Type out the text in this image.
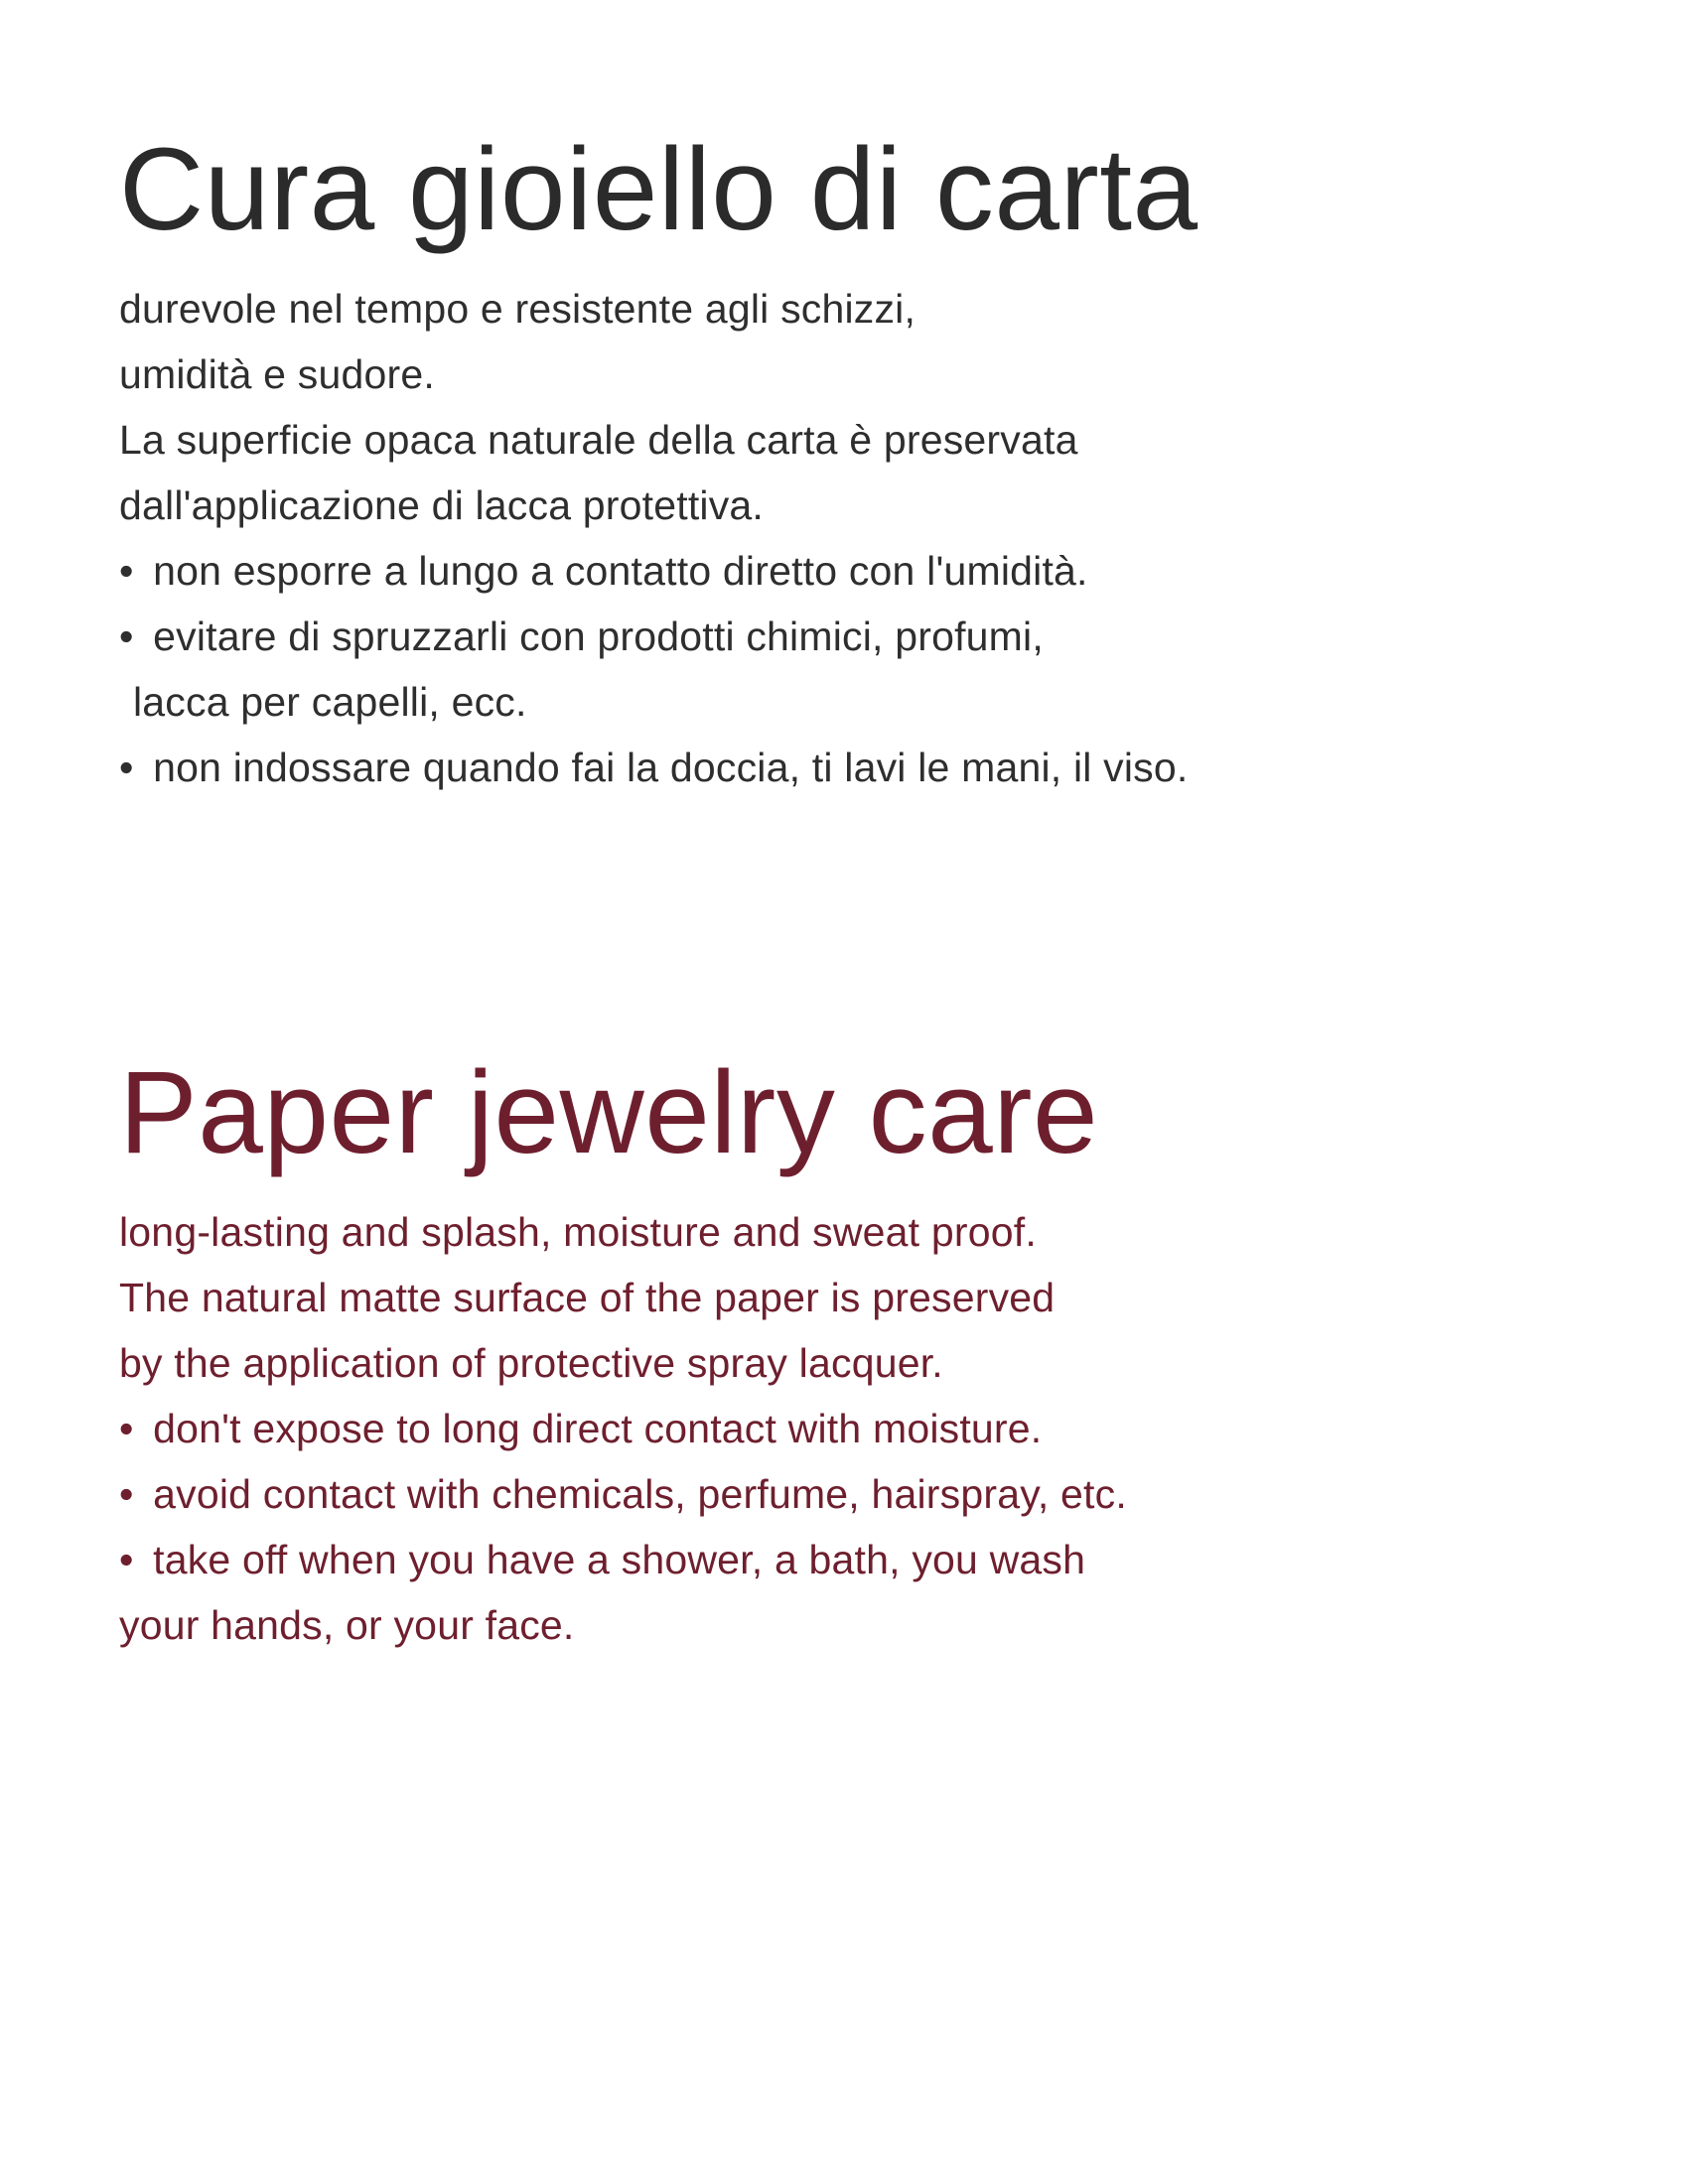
Cura gioiello di carta
durevole nel tempo e resistente agli schizzi,
umidità e sudore.
La superficie opaca naturale della carta è preservata
dall'applicazione di lacca protettiva.
• non esporre a lungo a contatto diretto con l'umidità.
• evitare di spruzzarli con prodotti chimici, profumi,
lacca per capelli, ecc.
• non indossare quando fai la doccia, ti lavi le mani, il viso.
Paper jewelry care
long-lasting and splash, moisture and sweat proof.
The natural matte surface of the paper is preserved
by the application of protective spray lacquer.
• don't expose to long direct contact with moisture.
• avoid contact with chemicals, perfume, hairspray, etc.
• take off when you have a shower, a bath, you wash
your hands, or your face.
